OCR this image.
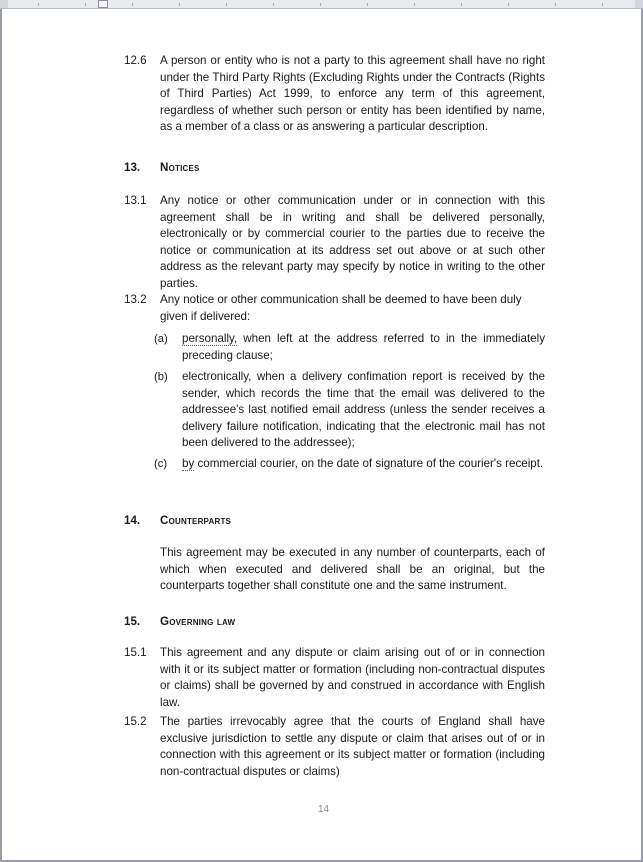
12.6	A person or entity who is not a party to this agreement shall have no right under the Third Party Rights (Excluding Rights under the Contracts (Rights of Third Parties) Act 1999, to enforce any term of this agreement, regardless of whether such person or entity has been identified by name, as a member of a class or as answering a particular description.
13.	Notices
13.1	Any notice or other communication under or in connection with this agreement shall be in writing and shall be delivered personally, electronically or by commercial courier to the parties due to receive the notice or communication at its address set out above or at such other address as the relevant party may specify by notice in writing to the other parties.
13.2	Any notice or other communication shall be deemed to have been duly given if delivered:
(a)	personally, when left at the address referred to in the immediately preceding clause;
(b)	electronically, when a delivery confimation report is received by the sender, which records the time that the email was delivered to the addressee's last notified email address (unless the sender receives a delivery failure notification, indicating that the electronic mail has not been delivered to the addressee);
(c)	by commercial courier, on the date of signature of the courier's receipt.
14.	Counterparts
This agreement may be executed in any number of counterparts, each of which when executed and delivered shall be an original, but the counterparts together shall constitute one and the same instrument.
15.	Governing law
15.1	This agreement and any dispute or claim arising out of or in connection with it or its subject matter or formation (including non-contractual disputes or claims) shall be governed by and construed in accordance with English law.
15.2	The parties irrevocably agree that the courts of England shall have exclusive jurisdiction to settle any dispute or claim that arises out of or in connection with this agreement or its subject matter or formation (including non-contractual disputes or claims)
14
